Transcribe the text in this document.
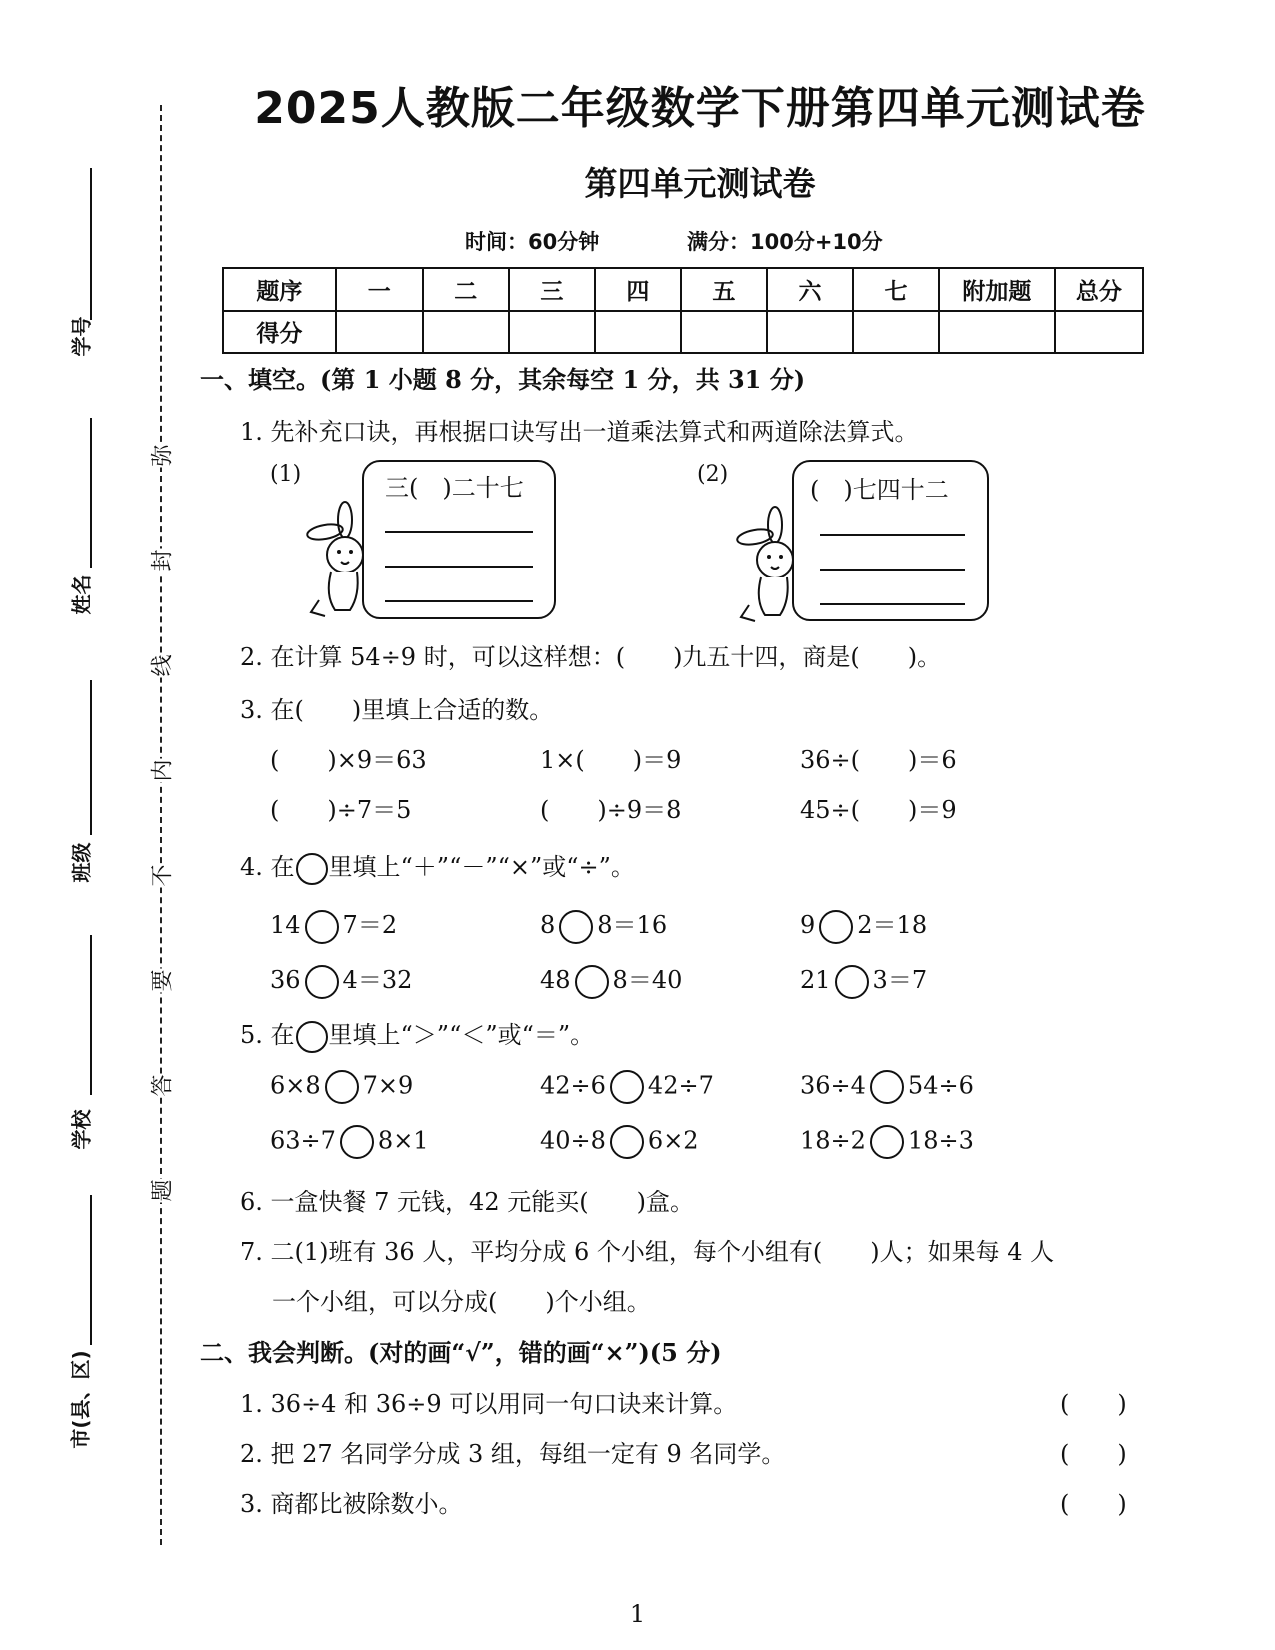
2025人教版二年级数学下册第四单元测试卷
第四单元测试卷
时间：60分钟	满分：100分+10分
题序	一	二	三	四	五	六	七	附加题	总分
得分									
学号
姓名
班级
学校
市(县、区)
弥
封
线
内
不
要
答
题
一、填空。(第 1 小题 8 分，其余每空 1 分，共 31 分)
1. 先补充口诀，再根据口诀写出一道乘法算式和两道除法算式。
(1)	三(　)二十七	(2)
(　)七四十二
2. 在计算 54÷9 时，可以这样想：(　　)九五十四，商是(　　)。
3. 在(　　)里填上合适的数。
(　　)×9＝63	1×(　　)＝9	36÷(　　)＝6
(　　)÷7＝5	(　　)÷9＝8	45÷(　　)＝9
4. 在 里填上“＋”“－”“×”或“÷”。
14 7＝2	8 8＝16	9 2＝18
36 4＝32	48 8＝40	21 3＝7
5. 在 里填上“＞”“＜”或“＝”。
6×8 7×9	42÷6 42÷7	36÷4 54÷6
63÷7 8×1	40÷8 6×2	18÷2 18÷3
6. 一盒快餐 7 元钱，42 元能买(　　)盒。
7. 二(1)班有 36 人，平均分成 6 个小组，每个小组有(　　)人；如果每 4 人
一个小组，可以分成(　　)个小组。
二、我会判断。(对的画“√”，错的画“×”)(5 分)
1. 36÷4 和 36÷9 可以用同一句口诀来计算。	(　　)
2. 把 27 名同学分成 3 组，每组一定有 9 名同学。	(　　)
3. 商都比被除数小。	(　　)
1
